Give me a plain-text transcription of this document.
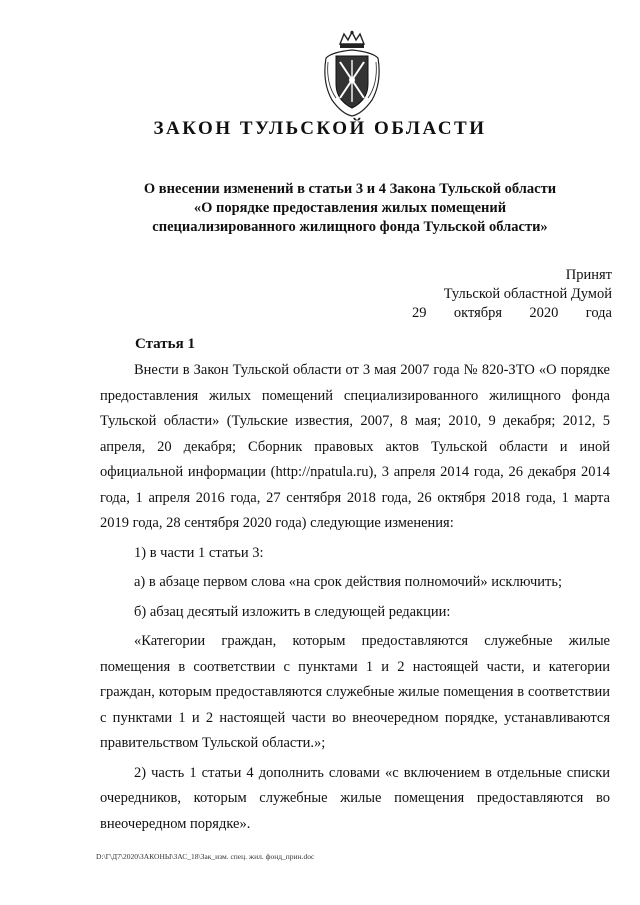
ЗАКОН ТУЛЬСКОЙ ОБЛАСТИ
О внесении изменений в статьи 3 и 4 Закона Тульской области
«О порядке предоставления жилых помещений
специализированного жилищного фонда Тульской области»
Принят
Тульской областной Думой
29 октября 2020 года
Статья 1

Внести в Закон Тульской области от 3 мая 2007 года № 820-ЗТО «О порядке предоставления жилых помещений специализированного жилищного фонда Тульской области» (Тульские известия, 2007, 8 мая; 2010, 9 декабря; 2012, 5 апреля, 20 декабря; Сборник правовых актов Тульской области и иной официальной информации (http://npatula.ru), 3 апреля 2014 года, 26 декабря 2014 года, 1 апреля 2016 года, 27 сентября 2018 года, 26 октября 2018 года, 1 марта 2019 года, 28 сентября 2020 года) следующие изменения:

1) в части 1 статьи 3:

а) в абзаце первом слова «на срок действия полномочий» исключить;

б) абзац десятый изложить в следующей редакции:

«Категории граждан, которым предоставляются служебные жилые помещения в соответствии с пунктами 1 и 2 настоящей части, и категории граждан, которым предоставляются служебные жилые помещения в соответствии с пунктами 1 и 2 настоящей части во внеочередном порядке, устанавливаются правительством Тульской области.»;

2) часть 1 статьи 4 дополнить словами «с включением в отдельные списки очередников, которым служебные жилые помещения предоставляются во внеочередном порядке».

D:\Г\Д7\2020\ЗАКОНЫ\ЗАС_18\Зак_изм. спец. жил. фонд_прин.doc
